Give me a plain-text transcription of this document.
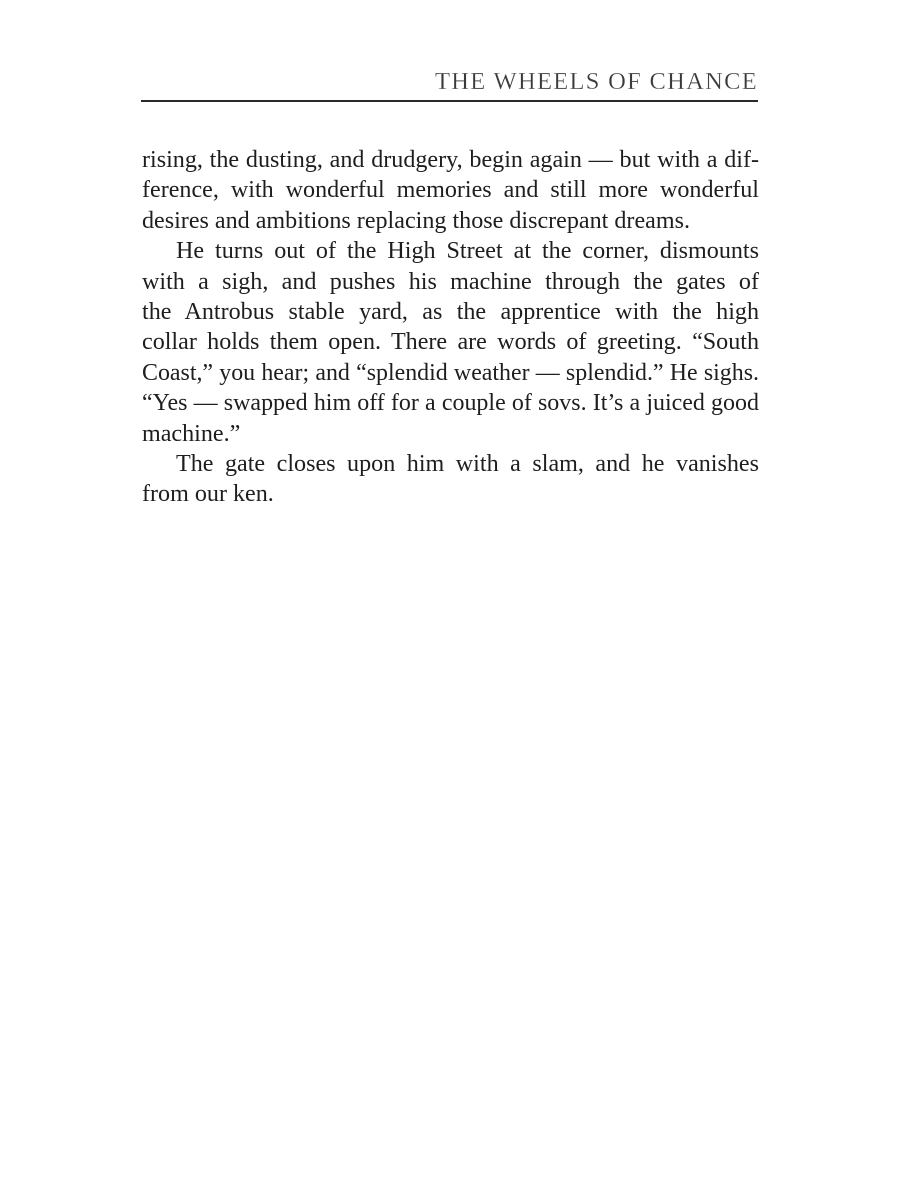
THE WHEELS OF CHANCE
rising, the dusting, and drudgery, begin again — but with a dif-
ference, with wonderful memories and still more wonderful
desires and ambitions replacing those discrepant dreams.
He turns out of the High Street at the corner, dismounts
with a sigh, and pushes his machine through the gates of
the Antrobus stable yard, as the apprentice with the high
collar holds them open. There are words of greeting. “South
Coast,” you hear; and “splendid weather — splendid.” He sighs.
“Yes — swapped him off for a couple of sovs. It’s a juiced good
machine.”
The gate closes upon him with a slam, and he vanishes
from our ken.
